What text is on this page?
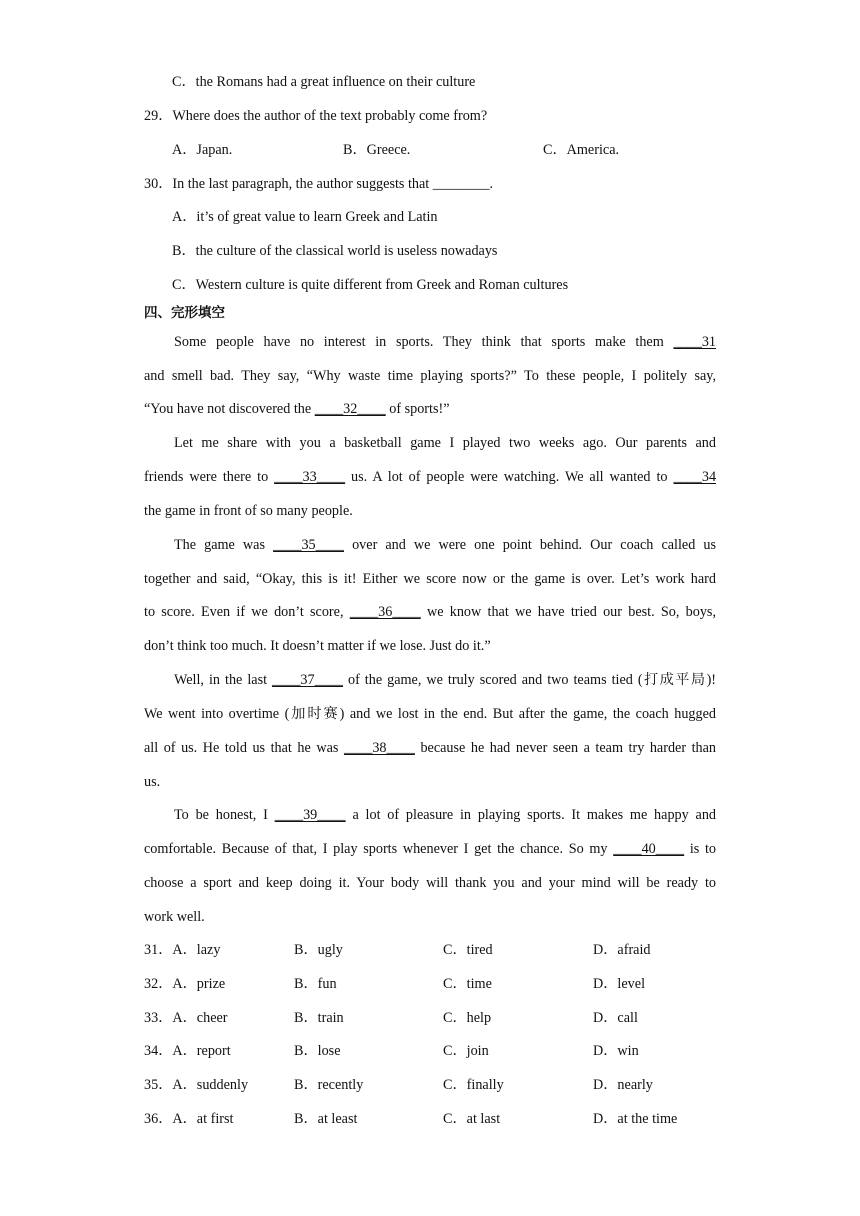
C．the Romans had a great influence on their culture
29．Where does the author of the text probably come from?
A．Japan.	B．Greece.	C．America.
30．In the last paragraph, the author suggests that ________.
A．it’s of great value to learn Greek and Latin
B．the culture of the classical world is useless nowadays
C．Western culture is quite different from Greek and Roman cultures
四、完形填空
Some people have no interest in sports. They think that sports make them ____31
and smell bad. They say, “Why waste time playing sports?” To these people, I politely say,
“You have not discovered the ____32____ of sports!”
Let me share with you a basketball game I played two weeks ago. Our parents and
friends were there to ____33____ us. A lot of people were watching. We all wanted to ____34
the game in front of so many people.
The game was ____35____ over and we were one point behind. Our coach called us
together and said, “Okay, this is it! Either we score now or the game is over. Let’s work hard
to score. Even if we don’t score, ____36____ we know that we have tried our best. So, boys,
don’t think too much. It doesn’t matter if we lose. Just do it.”
Well, in the last ____37____ of the game, we truly scored and two teams tied (打成平局)!
We went into overtime (加时赛) and we lost in the end. But after the game, the coach hugged
all of us. He told us that he was ____38____ because he had never seen a team try harder than
us.
To be honest, I ____39____ a lot of pleasure in playing sports. It makes me happy and
comfortable. Because of that, I play sports whenever I get the chance. So my ____40____ is to
choose a sport and keep doing it. Your body will thank you and your mind will be ready to
work well.
31．A．lazy	B．ugly	C．tired	D．afraid
32．A．prize	B．fun	C．time	D．level
33．A．cheer	B．train	C．help	D．call
34．A．report	B．lose	C．join	D．win
35．A．suddenly	B．recently	C．finally	D．nearly
36．A．at first	B．at least	C．at last	D．at the time
